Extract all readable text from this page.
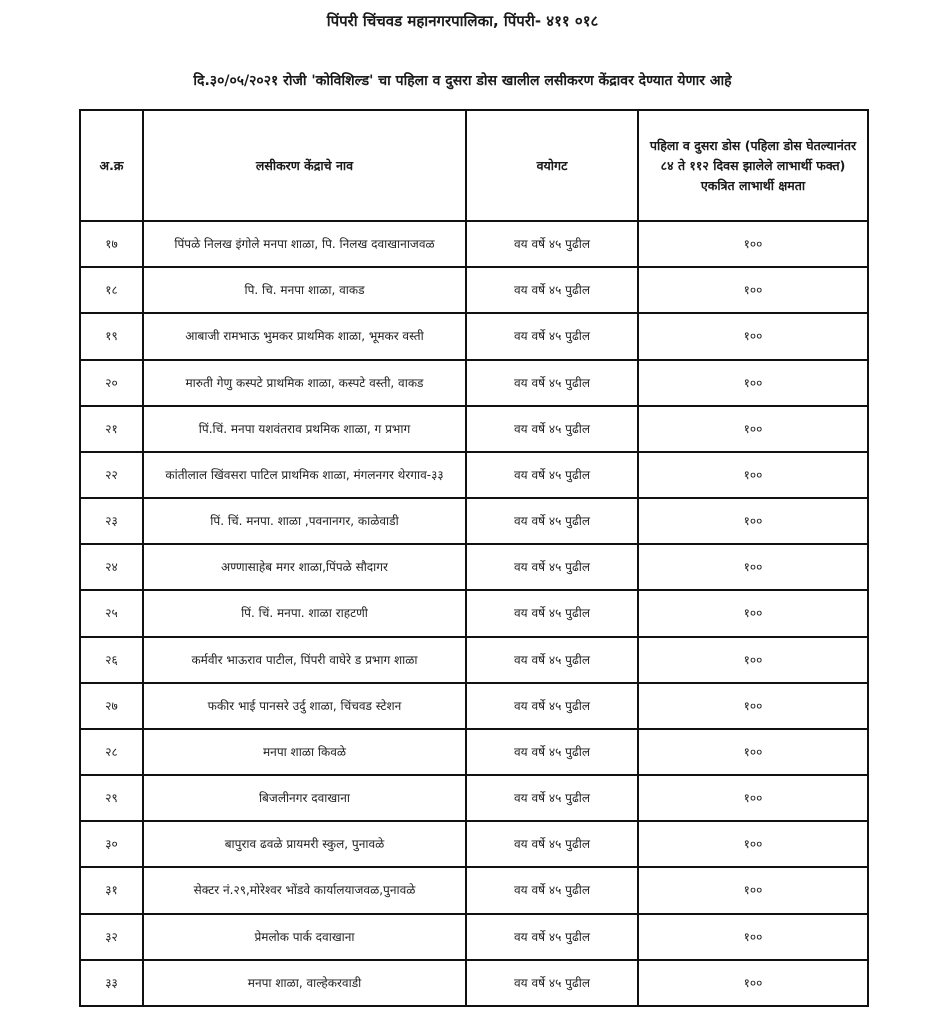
पिंपरी चिंचवड महानगरपालिका, पिंपरी- ४११ ०१८
दि.३०/०५/२०२१ रोजी 'कोविशिल्ड' चा पहिला व दुसरा डोस खालील लसीकरण केंद्रावर देण्यात येणार आहे
अ.क्र	लसीकरण केंद्राचे नाव	वयोगट	पहिला व दुसरा डोस (पहिला डोस घेतल्यानंतर ८४ ते ११२ दिवस झालेले लाभार्थी फक्त) एकत्रित लाभार्थी क्षमता
१७	पिंपळे निलख इंगोले मनपा शाळा, पि. निलख दवाखानाजवळ	वय वर्षे ४५ पुढील	१००
१८	पि. चि. मनपा शाळा, वाकड	वय वर्षे ४५ पुढील	१००
१९	आबाजी रामभाऊ भुमकर प्राथमिक शाळा, भूमकर वस्ती	वय वर्षे ४५ पुढील	१००
२०	मारुती गेणु कस्पटे प्राथमिक शाळा, कस्पटे वस्ती, वाकड	वय वर्षे ४५ पुढील	१००
२१	पिं.चिं. मनपा यशवंतराव प्रथमिक शाळा, ग प्रभाग	वय वर्षे ४५ पुढील	१००
२२	कांतीलाल खिंवसरा पाटिल प्राथमिक शाळा, मंगलनगर थेरगाव-३३	वय वर्षे ४५ पुढील	१००
२३	पिं. चिं. मनपा. शाळा ,पवनानगर, काळेवाडी	वय वर्षे ४५ पुढील	१००
२४	अण्णासाहेब मगर शाळा,पिंपळे सौदागर	वय वर्षे ४५ पुढील	१००
२५	पिं. चिं. मनपा. शाळा राहटणी	वय वर्षे ४५ पुढील	१००
२६	कर्मवीर भाऊराव पाटील, पिंपरी वाघेरे ड प्रभाग शाळा	वय वर्षे ४५ पुढील	१००
२७	फकीर भाई पानसरे उर्दु शाळा, चिंचवड स्टेशन	वय वर्षे ४५ पुढील	१००
२८	मनपा शाळा किवळे	वय वर्षे ४५ पुढील	१००
२९	बिजलीनगर दवाखाना	वय वर्षे ४५ पुढील	१००
३०	बापुराव ढवळे प्रायमरी स्कुल, पुनावळे	वय वर्षे ४५ पुढील	१००
३१	सेक्टर नं.२९,मोरेश्वर भोंडवे कार्यालयाजवळ,पुनावळे	वय वर्षे ४५ पुढील	१००
३२	प्रेमलोक पार्क दवाखाना	वय वर्षे ४५ पुढील	१००
३३	मनपा शाळा, वाल्हेकरवाडी	वय वर्षे ४५ पुढील	१००
